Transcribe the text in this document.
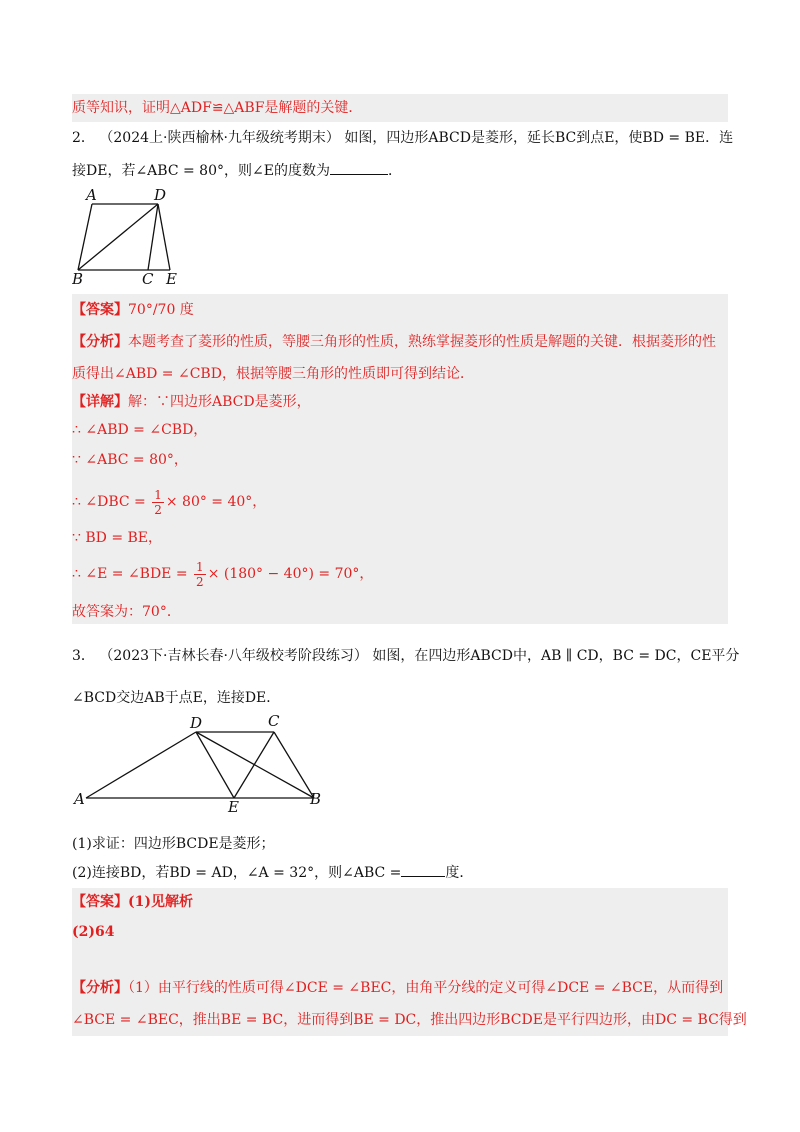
质等知识，证明△ADF≌△ABF是解题的关键．
2． （2024上·陕西榆林·九年级统考期末） 如图，四边形ABCD是菱形，延长BC到点E，使BD = BE．连
接DE，若∠ABC = 80°，则∠E的度数为	．
A	D
B	C E
【答案】70°/70 度
【分析】本题考查了菱形的性质，等腰三角形的性质，熟练掌握菱形的性质是解题的关键．根据菱形的性
质得出∠ABD = ∠CBD，根据等腰三角形的性质即可得到结论．
【详解】解：∵四边形ABCD是菱形，
∴ ∠ABD = ∠CBD，
∵ ∠ABC = 80°，
∴ ∠DBC = $\frac{1}{2} \times 80^\circ = 40^\circ$，
∵ BD = BE，
∴ ∠E = ∠BDE = $\frac{1}{2} \times (180^\circ - 40^\circ) = 70^\circ$，
故答案为：70°．
3． （2023下·吉林长春·八年级校考阶段练习） 如图，在四边形ABCD中，AB ∥ CD，BC = DC，CE平分
∠BCD交边AB于点E，连接DE．
D	C
A	E	B
(1)求证：四边形BCDE是菱形；
(2)连接BD，若BD = AD，∠A = 32°，则∠ABC =	度．
【答案】(1)见解析
(2)64
【分析】（1）由平行线的性质可得∠DCE = ∠BEC，由角平分线的定义可得∠DCE = ∠BCE，从而得到
∠BCE = ∠BEC，推出BE = BC，进而得到BE = DC，推出四边形BCDE是平行四边形，由DC = BC得到
